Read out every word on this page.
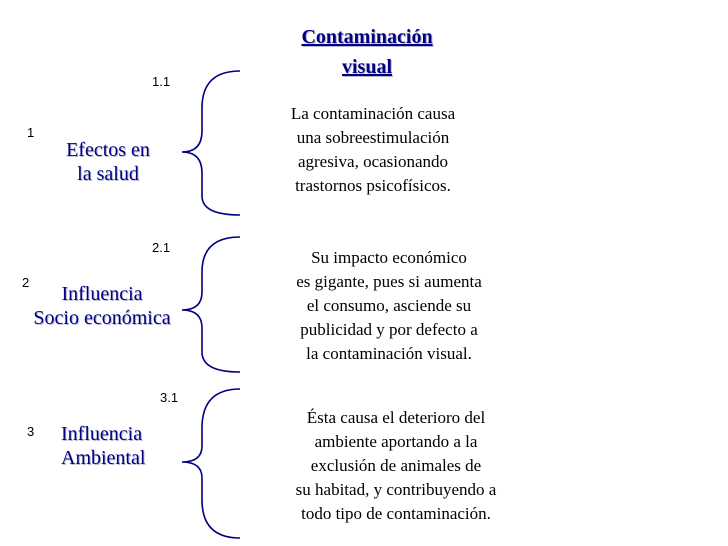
Contaminación
visual
1.1
1
Efectos en
la salud
La contaminación causa
una sobreestimulación
agresiva, ocasionando
trastornos psicofísicos.
2.1
2
Influencia
Socio económica
Su impacto económico
es gigante, pues si aumenta
el consumo, asciende su
publicidad y por defecto a
la contaminación visual.
3.1
3 Influencia
Ambiental
Ésta causa el deterioro del
ambiente aportando a la
exclusión de animales de
su habitad, y contribuyendo a
todo tipo de contaminación.
